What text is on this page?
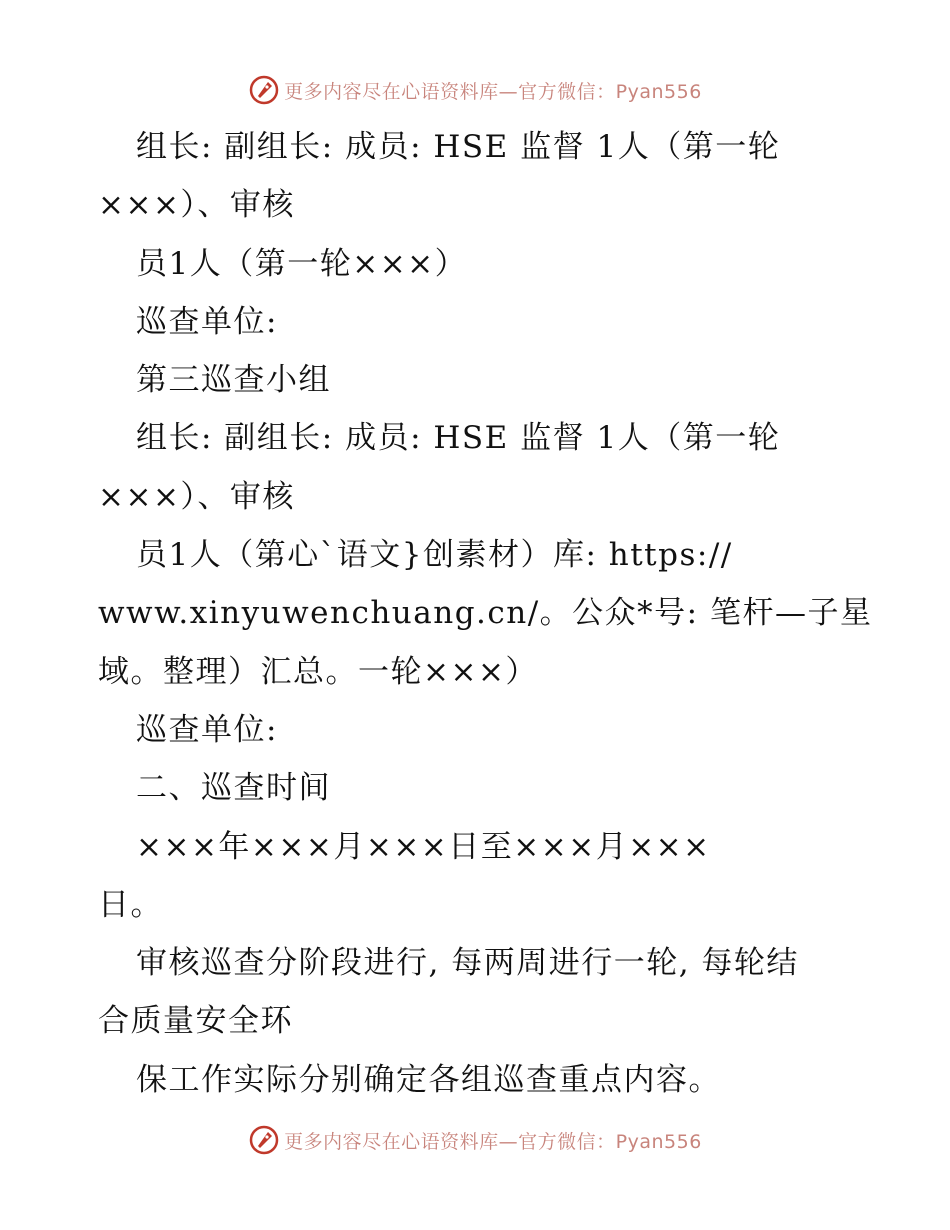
更多内容尽在心语资料库—官方微信：Pyan556
组长: 副组长: 成员: HSE 监督 1人（第一轮
×××）、审核
员1人（第一轮×××）
巡查单位:
第三巡查小组
组长: 副组长: 成员: HSE 监督 1人（第一轮
×××）、审核
员1人（第心`语文}创素材）库: https://
www.xinyuwenchuang.cn/。公众*号: 笔杆—子星
域。整理）汇总。一轮×××）
巡查单位:
二、巡查时间
×××年×××月×××日至×××月×××
日。
审核巡查分阶段进行, 每两周进行一轮, 每轮结
合质量安全环
保工作实际分别确定各组巡查重点内容。
更多内容尽在心语资料库—官方微信：Pyan556
